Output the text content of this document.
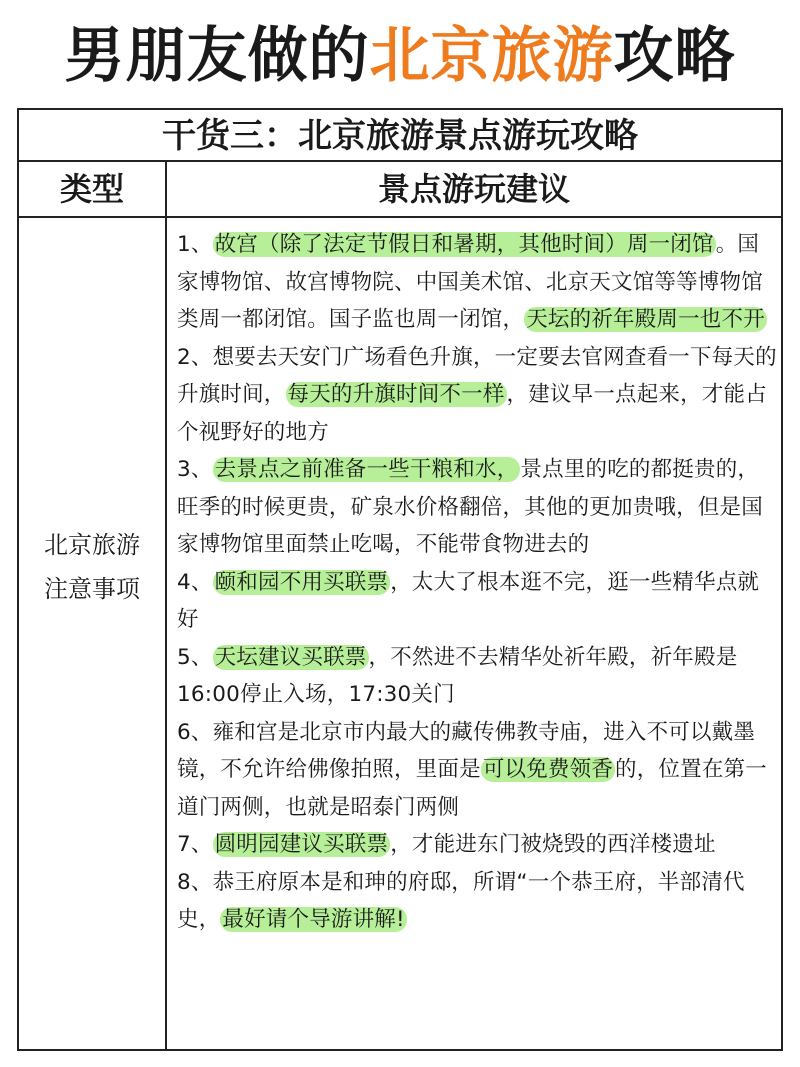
男朋友做的北京旅游攻略
干货三：北京旅游景点游玩攻略
类型	景点游玩建议
北京旅游
注意事项
1、故宫（除了法定节假日和暑期，其他时间）周一闭馆。国家博物馆、故宫博物院、中国美术馆、北京天文馆等等博物馆类周一都闭馆。国子监也周一闭馆，天坛的祈年殿周一也不开
2、想要去天安门广场看色升旗，一定要去官网查看一下每天的升旗时间，每天的升旗时间不一样，建议早一点起来，才能占个视野好的地方
3、去景点之前准备一些干粮和水，景点里的吃的都挺贵的，旺季的时候更贵，矿泉水价格翻倍，其他的更加贵哦，但是国家博物馆里面禁止吃喝，不能带食物进去的
4、颐和园不用买联票，太大了根本逛不完，逛一些精华点就好
5、天坛建议买联票，不然进不去精华处祈年殿，祈年殿是16:00停止入场，17:30关门
6、雍和宫是北京市内最大的藏传佛教寺庙，进入不可以戴墨镜，不允许给佛像拍照，里面是可以免费领香的，位置在第一道门两侧，也就是昭泰门两侧
7、圆明园建议买联票，才能进东门被烧毁的西洋楼遗址
8、恭王府原本是和珅的府邸，所谓“一个恭王府，半部清代史，最好请个导游讲解!
